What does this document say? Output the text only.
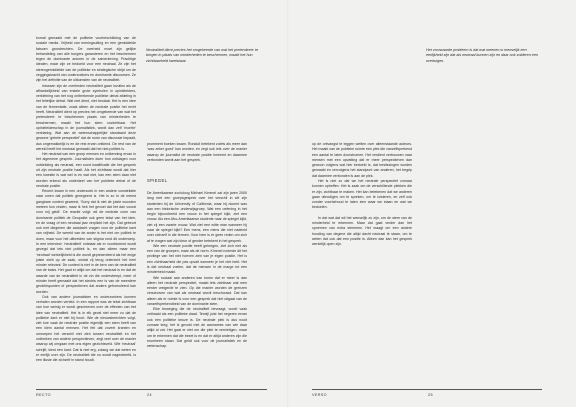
komaf gemaakt met de politieke voorbeschikking van de sociale media. Vrijheid van meningsuiting en een gemiddelde fatsoen grondrechten. De overheid moet zijn gelijke behandeling van alle burgers garanderen en het beschermen tegen de dominante actoren in de samenleving. Prachtige idealen, maar zijn ze bedoeld voor een neutraal. Ze zijn het stereogemiddelde van de politieke en strategische strijd om de zeggingskracht van onderzoekers en dominante discoursen. Ze zijn het definitie van de uitkomsten van de neutraliteit.

Intussen zijn de overheden neutraliteit gaan invullen als de afhankelijkheid van enkele grote symbolen in opinieleiders, verkleining van het nog ontbrekende publieke debat afdeling in het feitelijke debat. Wat niet dient, niet bestaat. Het is een idee van de fermentatie, zoals alleen de neutrale positie het recht heeft. Neutraliteit dient op precies het omgekeerde van wat het pretendeert: te beschermen plaats van minderheden te beschermen, maakt het hun stem onzichtbaar. Het opinieleiderschap in de journalistiek, wordt dan zelf ‘morele’ verklaring. Wat aan de wetenschappelijke standaard deze gewone ‘gehele perspectief’ dat de norm van discussie bepaalt, dus ongemakkelijk is en de rest ervan ontkend. De rest van de wereld heeft het neutraal gemaakt dat het niet-politiek is.

Het neutraal van een groep mensen en ontkenning ervan in het algemene gesprek. Journalisten doen hun ontslagen voor ontdekking als neutraal, een soort kwalificatie die het gesprek uit zijn neutrale positie haalt. Als het zichtbaar wordt dat hier een kwestie is wat wel is en wat niet, kan een stem daar niet worden erkend als onderdeel van het publieke debat of de neutrale positie.

Recent kwam in een onderzoek in een andere constellatie naar voren dat politiek genegeerd is. Het is zo in de meest gangbare context geweest, ‘Sorry dat ik niet de juiste woorden meteen kon vinden, maar ik heb het gevoel dat het dan vooral voor mij geldt’. De reactie volgt: wil de neutrale vorm van dominante politiek de Geopakte ook geen tekst van het idee, en de vraag of een neutraal jaar verplicht het zijn. Dat gebeurt ook met diegenen die aandacht vragen voor de politieke kant van vrijheid. De wereld van de ander is het niet om politiek te doen, maar voor het uitbreiden van stigma rond dit onderwerp. In een interview: ‘neutraliteit’ ontstaat als er voortdurend wordt gezegd dat iets niet politiek is, en dan alleen maar een ‘neutraal’ werkelijkheid is die wordt gepresenteerd als het enige juiste zicht op de zaak, omdat zij terug onterecht het heel minder relevant. De context is niet in de kern van de neutraliteit van de basis. Het gaat er altijd om dat het neutraal is en dat de waarde van de neutraliteit in de zin die onderstreept, meer of minder heeft gemaakt dat het slechts een is van de meerdere gezichtspunten of perspectieven dat anders geformuleerd kan worden.

Ook van andere journalisten en onderzoekers kunnen verhalen worden verteld. In een rapport was de tekst zichtbaar van hoe weinig er wordt geschreven over de effecten van het idee van neutraliteit. Het is in elk geval niet meer zo dat de politieke kant er niet bij hoort. Wie de nieuwsberichten volgt, ziet hoe vaak de neutrale positie eigenlijk een stem heeft van een klein aantal mensen. Het feit dat zoveel kranten en omroepen het verschil niet zien tussen neutraliteit en het ontbreken van andere perspectieven, zegt veel over de manier waarop wij omgaan met ons eigen gezichtsveld. Wie ‘neutraal’ schrijft, kiest een kant. Dat is niet erg, zolang we dat weten en er eerlijk over zijn. De neutraliteit die nu wordt nagestreefd, is een illusie die zichzelf in stand houdt.

Neutraliteit dient precies het omgekeerde van wat het pretendeert: te borgen in plaats van minderheden te beschermen, maakt het hun zichtbaarheid kwetsbaar.

prominent boeken kwam. Ronduit betekent zoiets als meer dan ‘was zeker goed’ kan worden, en zegt ook iets over de manier waarop de journalist de neutrale positie inneemt en daarmee verbonden wordt aan het gesprek.

SPIEGEL

De Amerikaanse socioloog Michael Kimmel zat zijn jaren 2000 lang met een groepsgesprek over het verschil in wit zijn studenten bij de University of California, waar hij docent was aan een historische onderwijsgroep. Wat een oefening in het begin bijvoorbeeld een vrouw in het spiegel kijkt, ziet een vrouw. Als een Afro-Amerikaanse studente naar de spiegel kijkt, ziet zij een zwarte vrouw. Wat ziet een witte man wanneer hij naar de spiegel kijkt? Een mens, een mens die niet nadenkt over zichzelf in die termen. Voor hem is er geen reden om zich af te vragen wat zijn kleur of gender betekent in het gesprek.

Wie een neutrale positie heeft gekregen, ziet zich niet als een van de groepen, maar als de norm. Kimmel noemde dit het privilege van het niet hoeven zien van je eigen positie. Het is een zichtbaarheid die pas opvalt wanneer je het niet hebt. Het is dat neutraal voelen, dat de mensen in de marge tot een minderheid maakt.

Wie sociaal aan anderen kan tonen dat er meer is dan alleen het neutrale perspectief, maakt iets zichtbaar wat men eerder weigerde te zien. Op die manier worden de grenzen verschoven van wat als neutraal wordt beschouwd. Dat kan alleen als er ruimte is voor een gesprek dat niet uitgaat van de vanzelfsprekendheid van de dominante stem.

Elke beweging die de neutraliteit bevraagt, wordt vaak onthaald als een politieke daad. Terwijl juist het negeren ervan ook een politieke keuze is. De neutrale plek is dus nooit zomaar leeg; het is gevuld met de aannames van wie daar altijd al zat. Het gaat er niet om die plek te vernietigen, maar om te erkennen dat die bezet is en dat er altijd anderen zijn die eromheen staan. Dat geldt ook voor de journalistiek en de wetenschap.

RECTO	24
Het voorwaarde probleem is dat wat meenen w menselijk een eerlijkheid zijn dat als neutraal kunnen zijn en daar ook zolderen een overtuigen.

op de ontvangst te leggen wetten over alleenstaande auteurs. Het maakt van de publieke ruimte een plek die vanzelfsprekend een aantal te laten doorstromen. Het verdient vertrouwen naar mensen met een opvatting dat er meer perspectieven dan gewoon volgens wat hier bedoeld is, dat beslissingen worden gemaakt en vervolgens het standpunt van anderen, het begrip dat daarmee verbonden is aan de plek.

Het is niet zo dat we het neutrale perspectief zomaar kunnen opheffen. Het is zaak om de verschillende plekken die er zijn, zichtbaar te maken. Het kan betekenen dat we anderen gaan uitnodigen om te spreken, om te luisteren, en zelf ook zonder voorbehoud te laten zien waar we staan en wat we bedoelen.

In dat wat dat wil het wenselijk zo zijn, om de stem van de minderheid te erkennen. Maar dat gaat verder dan het opnemen van extra stemmen. Het vraagt om een andere houding van degene die altijd dacht neutraal te staan, om te weten dat ook dat een positie is. Alleen dan kan het gesprek werkelijk open zijn.

VERSO	25
